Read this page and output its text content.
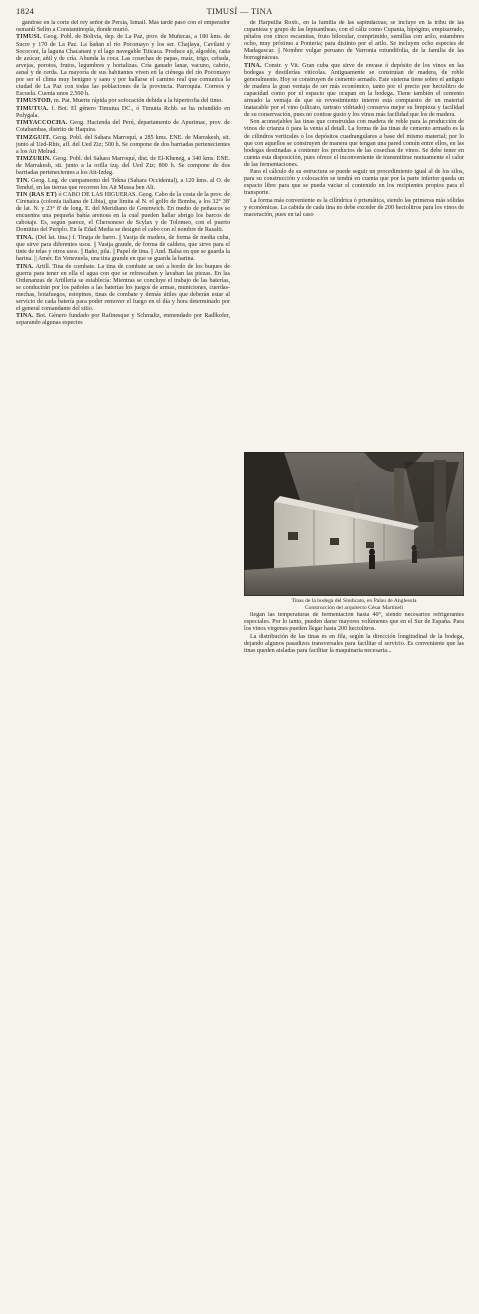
1824	TIMUSÍ — TINA

gándose en la corte del rey señor de Persia, Ismail. Más tarde pasó con el emperador osmanlí Selím a Constantinopla, donde murió.

TIMUSI. Geog. Pobl. de Bolivia, dep. de La Paz, prov. de Muñecas, a 180 kms. de Sucre y 170 de La Paz. La bañan el río Pocomayo y los ser. Chajlaya, Cavilani y Sococoni, la laguna Chacanani y el lago navegable Titicaca. Produce ají, algodón, caña de azúcar, añil y de cría. Abunda la coca. Las cosechas de papas, maíz, trigo, cebada, arvejas, porotos, frutos, legumbres y hortalizas. Cría ganado lanar, vacuno, cabrío, asnal y de cerda. La mayoría de sus habitantes viven en la ciénega del río Pocomayo por ser el clima muy benigno y sano y por hallarse el camino real que comunica la ciudad de La Paz con todas las poblaciones de la provincia. Parroquia. Correos y Escuela. Cuenta unos 2.500 h.

TIMUSTOD, m. Pat. Muerte rápida por sofocación debida a la hipertrofia del timo.

TIMUTUA. f. Bot. El género Timutua DC., ó Timutia Rchb. se ha refundido en Polygala.

TIMYACCOCHA. Geog. Hacienda del Perú, departamento de Apurimac, prov. de Cotabambas, distrito de Haquira.

TIMZGUIT. Geog. Pobl. del Sahara Marroquí, a 285 kms. ENE. de Marrakesh, sit. junto al Ued-Rhis, afl. del Ued Ziz; 500 h. Se compone de dos barriadas pertenecientes a los Ait Melrad.

TIMZURIN. Geog. Pobl. del Sahara Marroquí, dist. de El-Kheneg, a 340 kms. ENE. de Marrakesh, sit. junto a la orilla izq. del Ued Ziz; 800 h. Se compone de dos barriadas pertenecientes a los Ait-Izdeg.

TIN. Geog. Lug. de campamento del Tekna (Sahara Occidental), a 120 kms. al O. de Tenduf, en las tierras que recorren los Ait Mussa ben Ali.

TIN (RAS ET) ó CABO DE LAS HIGUERAS. Geog. Cabo de la costa de la prov. de Cirenaica (colonia italiana de Libia), que limita al N. el golfo de Bomba, a los 32° 38' de lat. N. y 23° 8' de long. E. del Meridiano de Greenwich. En medio de peñascos se encuentra una pequeña bahía arenosa en la cual pueden hallar abrigo los barcos de cabotaje. Es, según parece, el Chersoneso de Scylax y de Tolomeo, con el puerto Domitius del Periplo. En la Edad Media se designó el cabo con el nombre de Rasalti.

TINA. (Del lat. tina.) f. Tinaja de barro. || Vasija de madera, de forma de media cuba, que sirve para diferentes usos. || Vasija grande, de forma de caldera, que sirve para el tinte de telas y otros usos. || Baño, pila. || Papel de tina. || And. Balsa en que se guarda la harina. || Amér. En Venezuela, una tina grande en que se guarda la harina.

TINA. Artill. Tina de combate. La tina de combate se usó a bordo de los buques de guerra para tener en ella el agua con que se refrescaban y lavaban las piezas. En las Ordenanzas de Artillería se establecía: Mientras se concluye el trabajo de las baterías, se conducirán por los pañoles a las baterías los juegos de armas, municiones, cuerdas-mechas, botafuegos, estopines, tinas de combate y demás útiles que deberán estar al servicio de cada batería para poder remover el fuego en el día y hora determinado por el general comandante del sitio.

TINA. Bot. Género fundado por Rafinesque y Schmaltz, enmendado por Radlkofer, separando algunas especies

de Harpullia Roxb., en la familia de las sapindáceas; se incluye en la tribu de las cupanieas y grupo de las lepisantheas, con el cáliz como Cupania, hipógino, empizarrado, pétalos con cinco escamitas, fruto bilocular, comprimido, semillas con arilo, estambres ocho, muy próximo a Ponteria; para distinto por el arilo. Se incluyen ocho especies de Madagascar. || Nombre vulgar peruano de Varronia rotundifolia, de la familia de las borragináceas.

TINA. Constr. y Vit. Gran cuba que sirve de envase ó depósito de los vinos en las bodegas y destilerías vitícolas. Antiguamente se construían de madera, de roble generalmente. Hoy se construyen de cemento armado. Este sistema tiene sobre el antiguo de madera la gran ventaja de ser más económico, tanto por el precio por hectolitro de capacidad como por el espacio que ocupan en la bodega. Tiene también el cemento armado la ventaja de que su revestimiento interno está compuesto de un material inatacable por el vino (silicato, tartrato vidriado) conserva mejor su limpieza y facilidad de su conservación, pues no contrae gusto y los vinos más facilidad que los de madera.

Son aconsejables las tinas que construidas con madera de roble para la producción de vinos de crianza ó para la venta al detall. La forma de las tinas de cemento armado es la de cilindros verticales o los depósitos cuadrangulares a base del mismo material; por lo que con aquellos se construyen de manera que tengan una pared común entre ellos, en las bodegas destinadas a contener los productos de las cosechas de vinos. Se debe tener en cuenta esta disposición, pues ofrece el inconveniente de transmitirse mutuamente el calor de las fermentaciones.

Para el cálculo de su estructura se puede seguir un procedimiento igual al de los silos, para su construcción y colocación se tendrá en cuenta que por la parte inferior queda un espacio libre para que se pueda vaciar el contenido en los recipientes propios para el transporte.

La forma más conveniente es la cilíndrica ó prismática, siendo las primeras más sólidas y económicas. La cabida de cada tina no debe exceder de 200 hectolitros para los vinos de maceración, pues en tal caso

Tinas de la bodega del Sindicato, en Palau de Anglesola
Construcción del arquitecto César Martinell

llegan las temperaturas de fermentación hasta 40°, siendo necesarios refrigerantes especiales. Por lo tanto, pueden darse mayores volúmenes que en el Sur de España. Para los vinos virgenes pueden llegar hasta 200 hectolitros.

La distribución de las tinas es en fila, según la dirección longitudinal de la bodega, dejando algunos pasadizos transversales para facilitar el servicio. Es conveniente que las tinas queden aisladas para facilitar la maquinaria necesaria...
